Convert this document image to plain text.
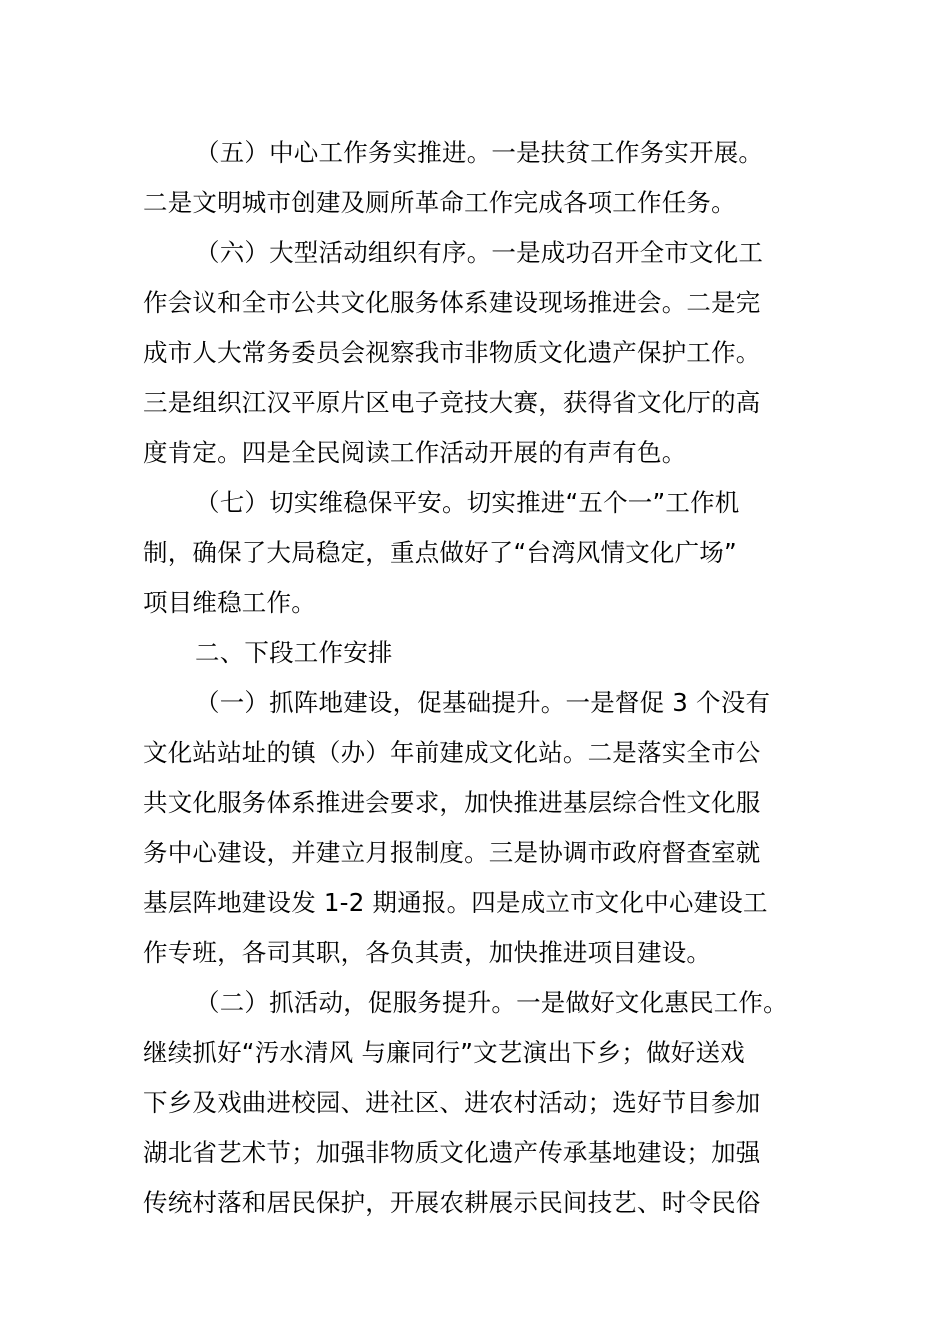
（五）中心工作务实推进。一是扶贫工作务实开展。
二是文明城市创建及厕所革命工作完成各项工作任务。
（六）大型活动组织有序。一是成功召开全市文化工
作会议和全市公共文化服务体系建设现场推进会。二是完
成市人大常务委员会视察我市非物质文化遗产保护工作。
三是组织江汉平原片区电子竞技大赛，获得省文化厅的高
度肯定。四是全民阅读工作活动开展的有声有色。
（七）切实维稳保平安。切实推进“五个一”工作机
制，确保了大局稳定，重点做好了“台湾风情文化广场”
项目维稳工作。
二、下段工作安排
（一）抓阵地建设，促基础提升。一是督促 3 个没有
文化站站址的镇（办）年前建成文化站。二是落实全市公
共文化服务体系推进会要求，加快推进基层综合性文化服
务中心建设，并建立月报制度。三是协调市政府督查室就
基层阵地建设发 1-2 期通报。四是成立市文化中心建设工
作专班，各司其职，各负其责，加快推进项目建设。
（二）抓活动，促服务提升。一是做好文化惠民工作。
继续抓好“汚水清风 与廉同行”文艺演出下乡；做好送戏
下乡及戏曲进校园、进社区、进农村活动；选好节目参加
湖北省艺术节；加强非物质文化遗产传承基地建设；加强
传统村落和居民保护，开展农耕展示民间技艺、时令民俗
